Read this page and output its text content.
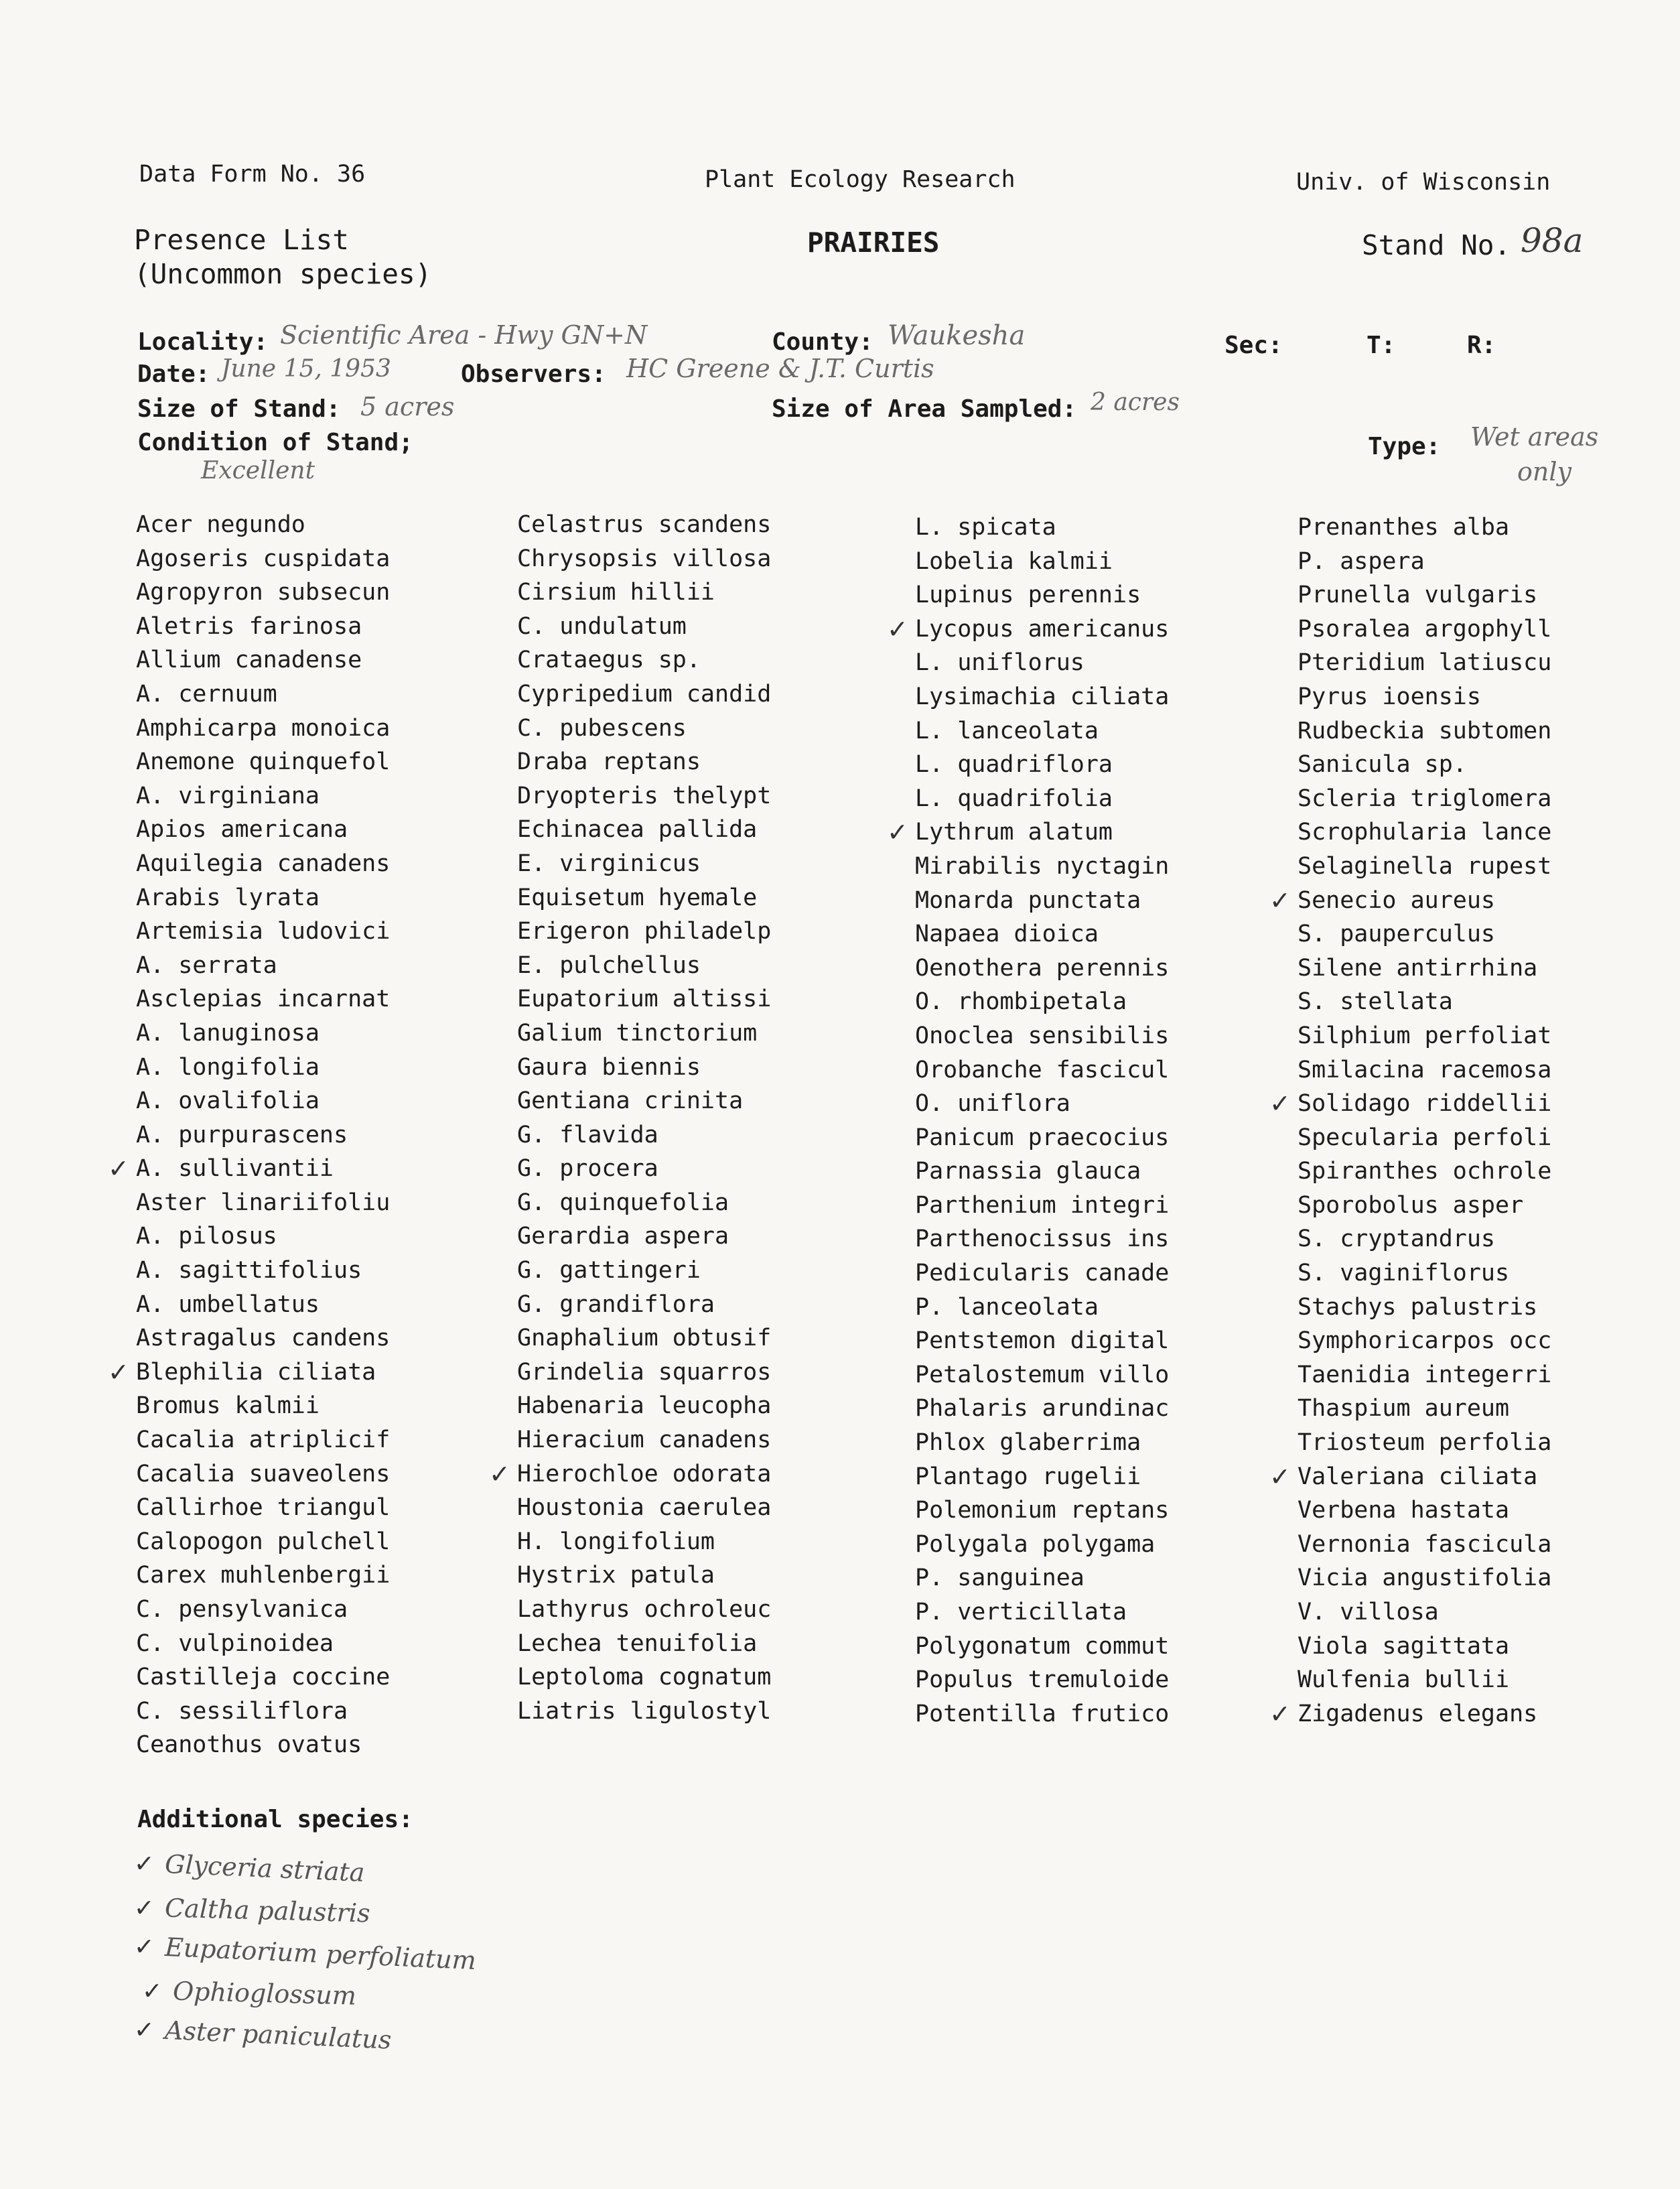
Data Form No. 36	Plant Ecology Research	Univ. of Wisconsin
Presence List
(Uncommon species)
PRAIRIES	Stand No. 98a
Locality: Scientific Area - Hwy GN+N	County: Waukesha	Sec:	T:	R:
Date: June 15, 1953	Observers: HC Greene & J.T. Curtis
Size of Stand: 5 acres	Size of Area Sampled: 2 acres
Condition of Stand;
Excellent
Type: Wet areas
only
Acer negundo
Agoseris cuspidata
Agropyron subsecun
Aletris farinosa
Allium canadense
A. cernuum
Amphicarpa monoica
Anemone quinquefol
A. virginiana
Apios americana
Aquilegia canadens
Arabis lyrata
Artemisia ludovici
A. serrata
Asclepias incarnat
A. lanuginosa
A. longifolia
A. ovalifolia
A. purpurascens
✓ A. sullivantii
Aster linariifoliu
A. pilosus
A. sagittifolius
A. umbellatus
Astragalus candens
✓ Blephilia ciliata
Bromus kalmii
Cacalia atriplicif
Cacalia suaveolens
Callirhoe triangul
Calopogon pulchell
Carex muhlenbergii
C. pensylvanica
C. vulpinoidea
Castilleja coccine
C. sessiliflora
Ceanothus ovatus
Celastrus scandens
Chrysopsis villosa
Cirsium hillii
C. undulatum
Crataegus sp.
Cypripedium candid
C. pubescens
Draba reptans
Dryopteris thelypt
Echinacea pallida
E. virginicus
Equisetum hyemale
Erigeron philadelp
E. pulchellus
Eupatorium altissi
Galium tinctorium
Gaura biennis
Gentiana crinita
G. flavida
G. procera
G. quinquefolia
Gerardia aspera
G. gattingeri
G. grandiflora
Gnaphalium obtusif
Grindelia squarros
Habenaria leucopha
Hieracium canadens
✓ Hierochloe odorata
Houstonia caerulea
H. longifolium
Hystrix patula
Lathyrus ochroleuc
Lechea tenuifolia
Leptoloma cognatum
Liatris ligulostyl
L. spicata
Lobelia kalmii
Lupinus perennis
✓ Lycopus americanus
L. uniflorus
Lysimachia ciliata
L. lanceolata
L. quadriflora
L. quadrifolia
✓ Lythrum alatum
Mirabilis nyctagin
Monarda punctata
Napaea dioica
Oenothera perennis
O. rhombipetala
Onoclea sensibilis
Orobanche fascicul
O. uniflora
Panicum praecocius
Parnassia glauca
Parthenium integri
Parthenocissus ins
Pedicularis canade
P. lanceolata
Pentstemon digital
Petalostemum villo
Phalaris arundinac
Phlox glaberrima
Plantago rugelii
Polemonium reptans
Polygala polygama
P. sanguinea
P. verticillata
Polygonatum commut
Populus tremuloide
Potentilla frutico
Prenanthes alba
P. aspera
Prunella vulgaris
Psoralea argophyll
Pteridium latiuscu
Pyrus ioensis
Rudbeckia subtomen
Sanicula sp.
Scleria triglomera
Scrophularia lance
Selaginella rupest
✓ Senecio aureus
S. pauperculus
Silene antirrhina
S. stellata
Silphium perfoliat
Smilacina racemosa
✓ Solidago riddellii
Specularia perfoli
Spiranthes ochrole
Sporobolus asper
S. cryptandrus
S. vaginiflorus
Stachys palustris
Symphoricarpos occ
Taenidia integerri
Thaspium aureum
Triosteum perfolia
✓ Valeriana ciliata
Verbena hastata
Vernonia fascicula
Vicia angustifolia
V. villosa
Viola sagittata
Wulfenia bullii
✓ Zigadenus elegans
Additional species:
✓ Glyceria striata
✓ Caltha palustris
✓ Eupatorium perfoliatum
✓ Ophioglossum
✓ Aster paniculatus
